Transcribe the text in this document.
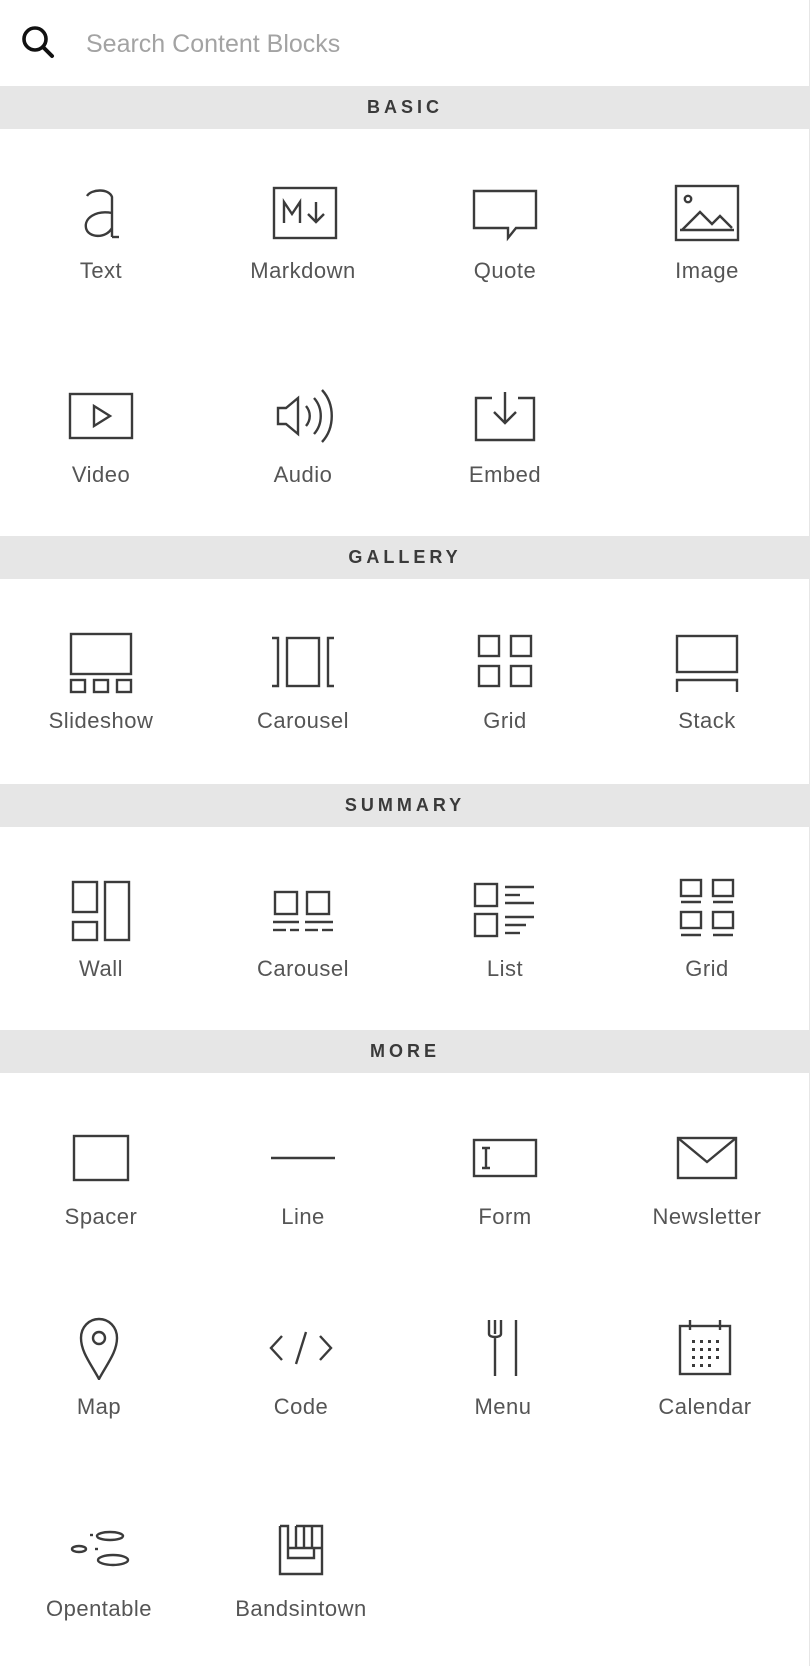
Search Content Blocks
BASIC
Text	Markdown	Quote	Image
Video	Audio	Embed
GALLERY
Slideshow	Carousel	Grid	Stack
SUMMARY
Wall	Carousel	List	Grid
MORE
Spacer	Line	Form	Newsletter
Map	Code	Menu	Calendar
Opentable	Bandsintown
